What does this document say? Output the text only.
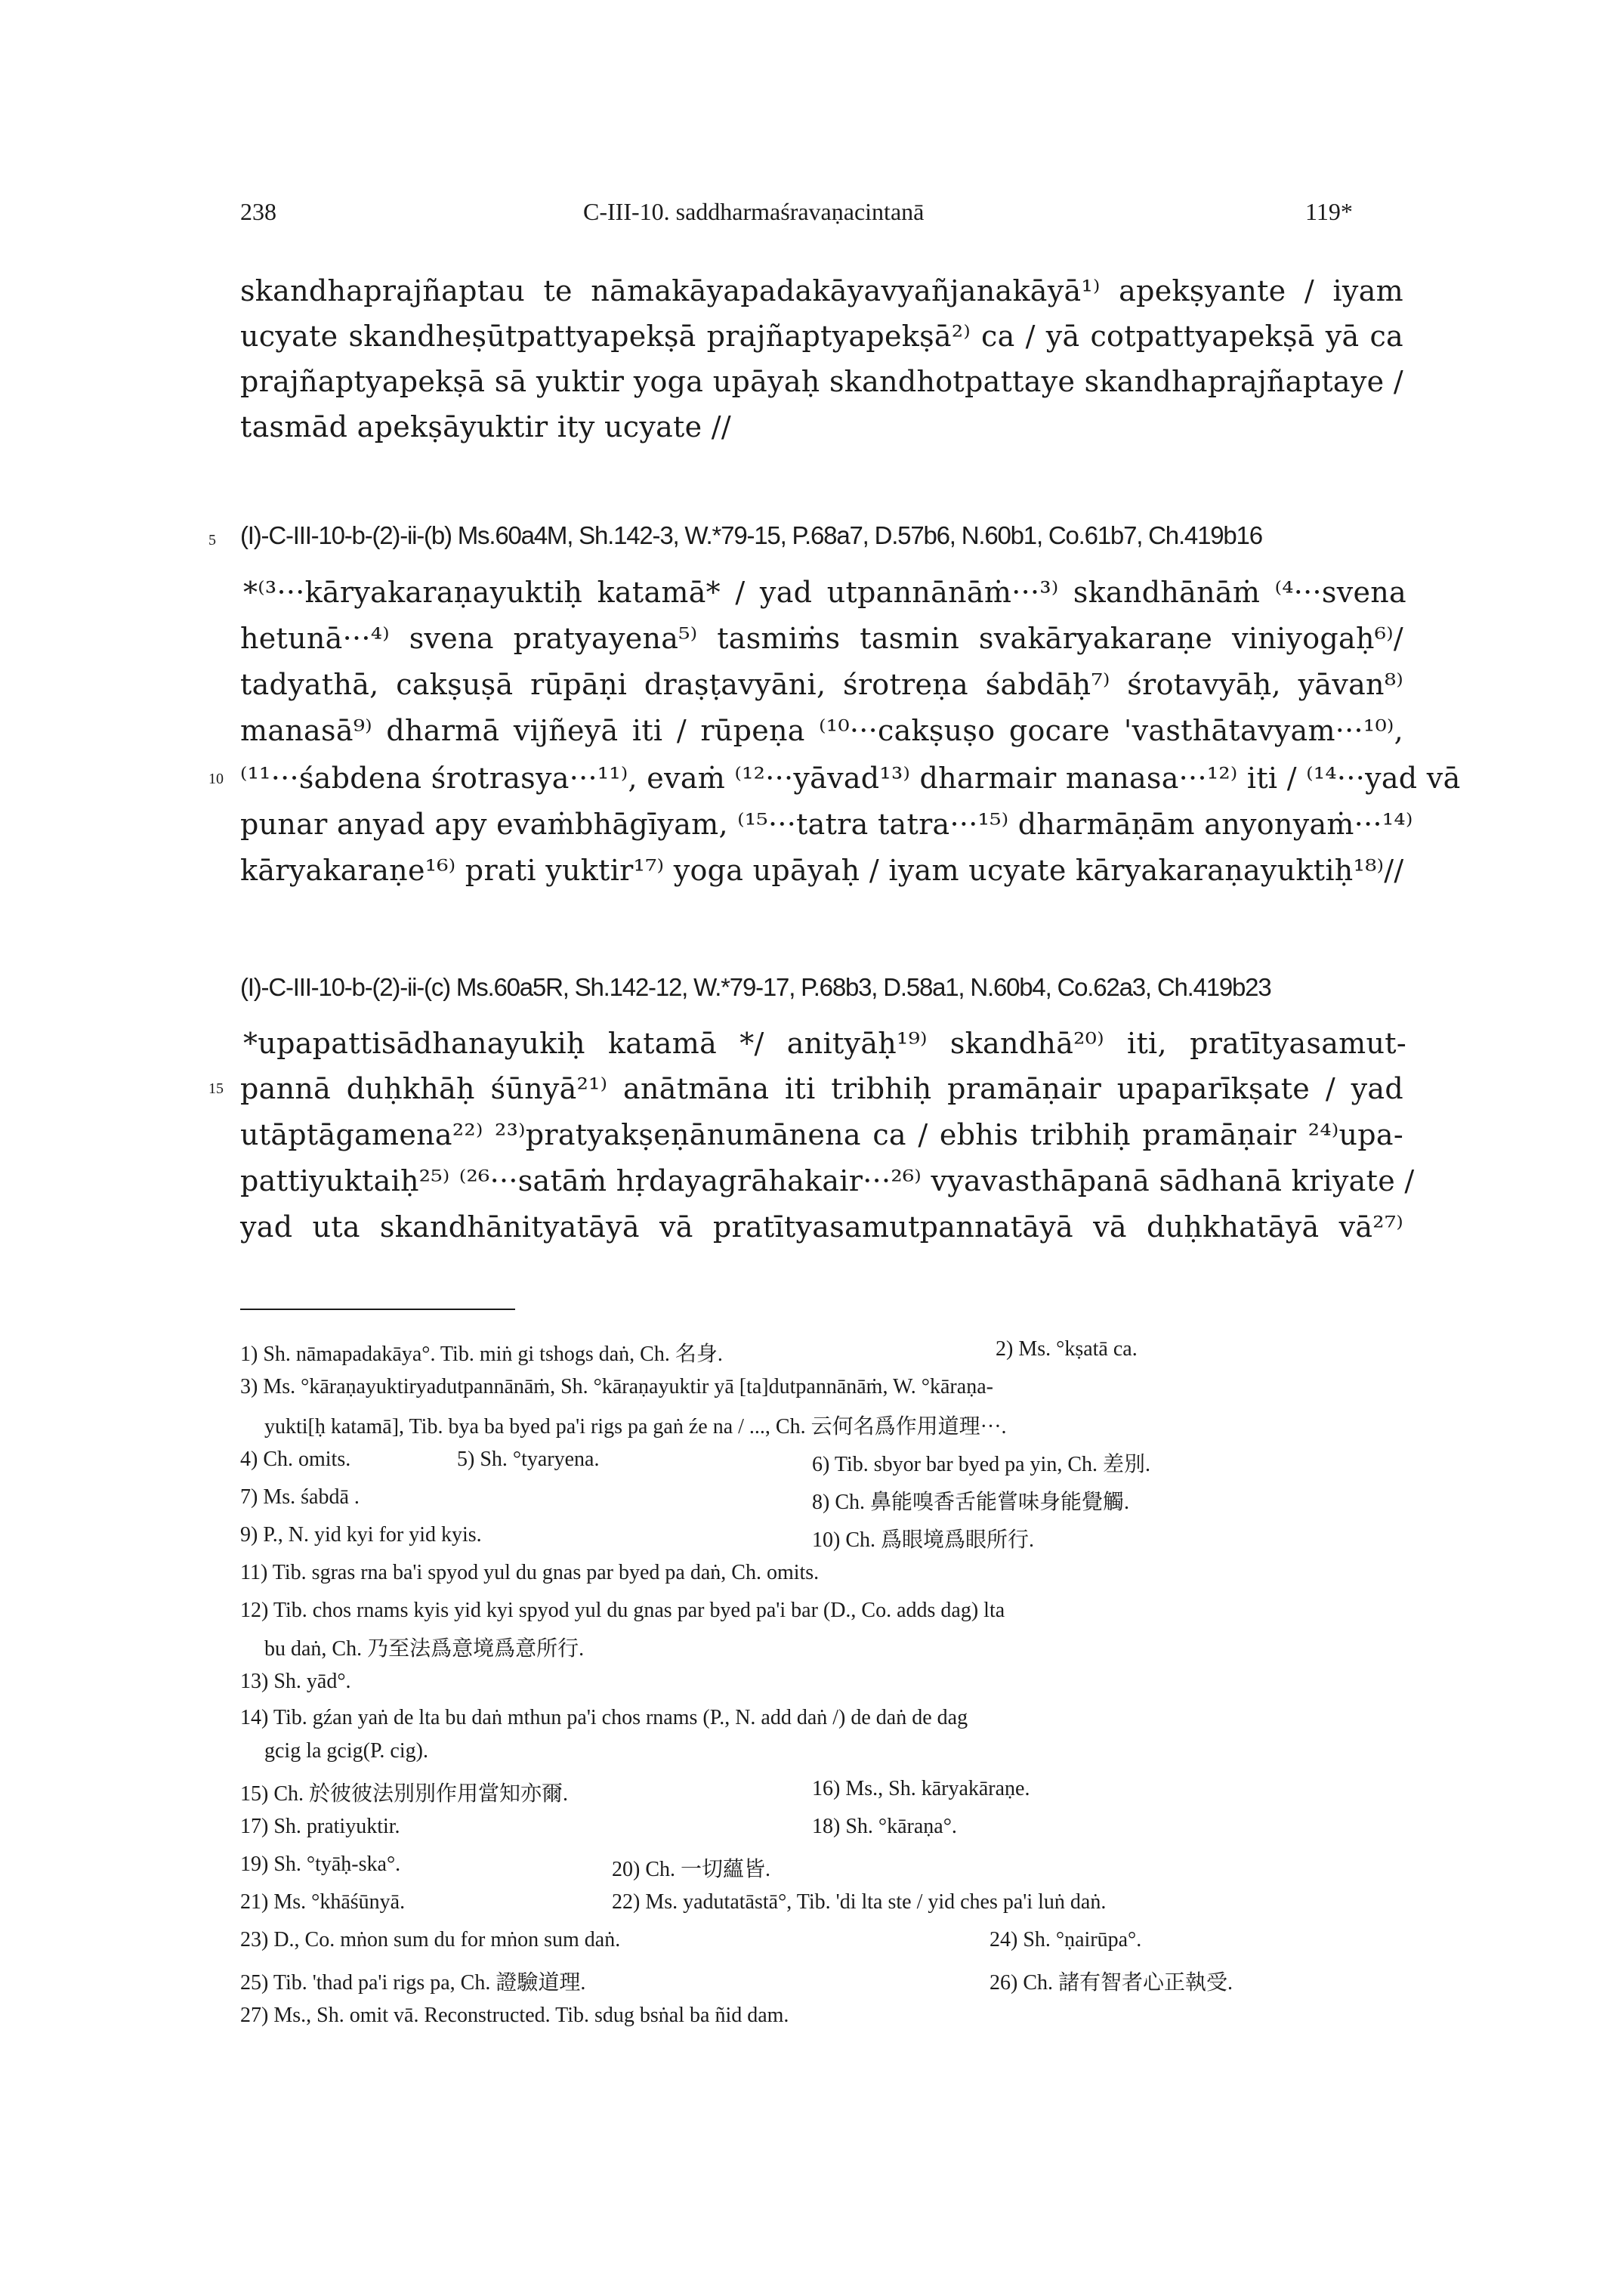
238	C-III-10. saddharmaśravaṇacintanā	119*
skandhaprajñaptau te nāmakāyapadakāyavyañjanakāyā¹⁾ apekṣyante / iyam
ucyate skandheṣūtpattyapekṣā prajñaptyapekṣā²⁾ ca / yā cotpattyapekṣā yā ca
prajñaptyapekṣā sā yuktir yoga upāyaḥ skandhotpattaye skandhaprajñaptaye /
tasmād apekṣāyuktir ity ucyate //
5 (I)-C-III-10-b-(2)-ii-(b) Ms.60a4M, Sh.142-3, W.*79-15, P.68a7, D.57b6, N.60b1, Co.61b7, Ch.419b16
*⁽³···kāryakaraṇayuktiḥ katamā* / yad utpannānāṁ···³⁾ skandhānāṁ ⁽⁴···svena
hetunā···⁴⁾ svena pratyayena⁵⁾ tasmiṁs tasmin svakāryakaraṇe viniyogaḥ⁶⁾/
tadyathā, cakṣuṣā rūpāṇi draṣṭavyāni, śrotreṇa śabdāḥ⁷⁾ śrotavyāḥ, yāvan⁸⁾
manasā⁹⁾ dharmā vijñeyā iti / rūpeṇa ⁽¹⁰···cakṣuṣo gocare 'vasthātavyam···¹⁰⁾,
10 ⁽¹¹···śabdena śrotrasya···¹¹⁾, evaṁ ⁽¹²···yāvad¹³⁾ dharmair manasa···¹²⁾ iti / ⁽¹⁴···yad vā
punar anyad apy evaṁbhāgīyam, ⁽¹⁵···tatra tatra···¹⁵⁾ dharmāṇām anyonyaṁ···¹⁴⁾
kāryakaraṇe¹⁶⁾ prati yuktir¹⁷⁾ yoga upāyaḥ / iyam ucyate kāryakaraṇayuktiḥ¹⁸⁾//
(I)-C-III-10-b-(2)-ii-(c) Ms.60a5R, Sh.142-12, W.*79-17, P.68b3, D.58a1, N.60b4, Co.62a3, Ch.419b23
*upapattisādhanayukiḥ katamā */ anityāḥ¹⁹⁾ skandhā²⁰⁾ iti, pratītyasamut-
15 pannā duḥkhāḥ śūnyā²¹⁾ anātmāna iti tribhiḥ pramāṇair upaparīkṣate / yad
utāptāgamena²²⁾ ²³⁾pratyakṣeṇānumānena ca / ebhis tribhiḥ pramāṇair ²⁴⁾upa-
pattiyuktaiḥ²⁵⁾ ⁽²⁶···satāṁ hṛdayagrāhakair···²⁶⁾ vyavasthāpanā sādhanā kriyate /
yad uta skandhānityatāyā vā pratītyasamutpannatāyā vā duḥkhatāyā vā²⁷⁾
1) Sh. nāmapadakāya°. Tib. miṅ gi tshogs daṅ, Ch. 名身.	2) Ms. °kṣatā ca.
3) Ms. °kāraṇayuktiryadutpannānāṁ, Sh. °kāraṇayuktir yā [ta]dutpannānāṁ, W. °kāraṇa-
yukti[ḥ katamā], Tib. bya ba byed pa'i rigs pa gaṅ źe na / ..., Ch. 云何名爲作用道理···.
4) Ch. omits.	5) Sh. °tyaryena.	6) Tib. sbyor bar byed pa yin, Ch. 差別.
7) Ms. śabdā .	8) Ch. 鼻能嗅香舌能嘗味身能覺觸.
9) P., N. yid kyi for yid kyis.	10) Ch. 爲眼境爲眼所行.
11) Tib. sgras rna ba'i spyod yul du gnas par byed pa daṅ, Ch. omits.
12) Tib. chos rnams kyis yid kyi spyod yul du gnas par byed pa'i bar (D., Co. adds dag) lta
bu daṅ, Ch. 乃至法爲意境爲意所行.
13) Sh. yād°.
14) Tib. gźan yaṅ de lta bu daṅ mthun pa'i chos rnams (P., N. add daṅ /) de daṅ de dag
gcig la gcig(P. cig).
15) Ch. 於彼彼法別別作用當知亦爾.	16) Ms., Sh. kāryakāraṇe.
17) Sh. pratiyuktir.	18) Sh. °kāraṇa°.
19) Sh. °tyāḥ-ska°.	20) Ch. 一切蘊皆.
21) Ms. °khāśūnyā.	22) Ms. yadutatāstā°, Tib. 'di lta ste / yid ches pa'i luṅ daṅ.
23) D., Co. mṅon sum du for mṅon sum daṅ.	24) Sh. °ṇairūpa°.
25) Tib. 'thad pa'i rigs pa, Ch. 證驗道理.	26) Ch. 諸有智者心正執受.
27) Ms., Sh. omit vā. Reconstructed. Tib. sdug bsṅal ba ñid dam.
